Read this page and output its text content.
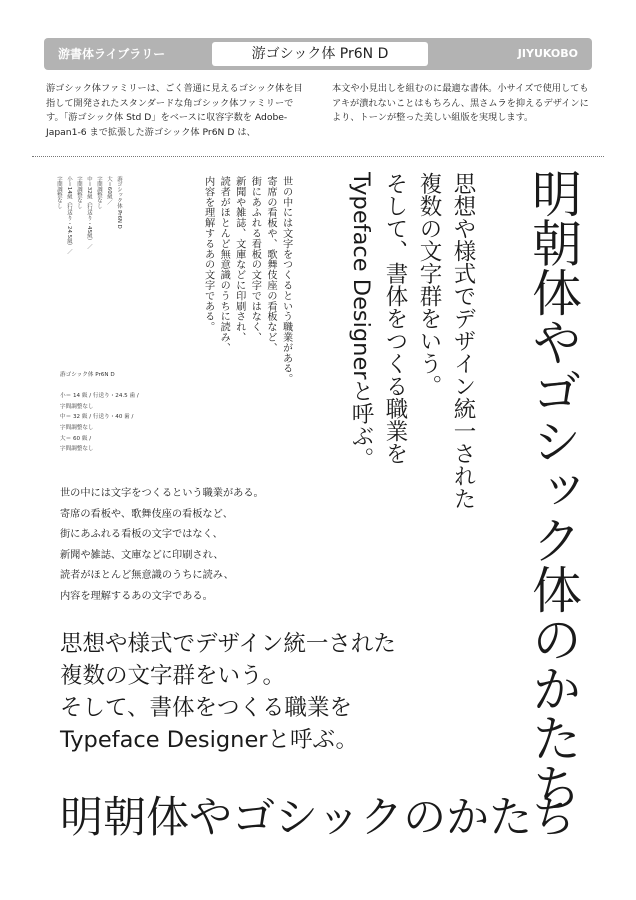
游書体ライブラリー	游ゴシック体 Pr6N D	JIYUKOBO
游ゴシック体ファミリーは、ごく普通に見えるゴシック体を目指して開発されたスタンダードな角ゴシック体ファミリーです。「游ゴシック体 Std D」をベースに収容字数を Adobe-Japan1-6 まで拡張した游ゴシック体 Pr6N D は、
本文や小見出しを組むのに最適な書体。小サイズで使用してもアキが潰れないことはもちろん、黒さムラを抑えるデザインにより、トーンが整った美しい組版を実現します。
游ゴシック体 Pr6N D
大＝60級／
字間調整なし
中＝32級（行送り・45級）／
字間調整なし
小＝14級（行送り・24.5級）／
字間調整なし	世の中には文字をつくるという職業がある。
寄席の看板や、歌舞伎座の看板など、
街にあふれる看板の文字ではなく、
新聞や雑誌、文庫などに印刷され、
読者がほとんど無意識のうちに読み、
内容を理解するあの文字である。	思想や様式でデザイン統一された
複数の文字群をいう。
そして、書体をつくる職業を
Typeface Designerと呼ぶ。	明朝体やゴシック体のかたち
游ゴシック体 Pr6N D

小＝ 14 級 / 行送り・24.5 歯 /
字間調整なし
中＝ 32 級 / 行送り・40 歯 /
字間調整なし
大＝ 60 級 /
字間調整なし
世の中には文字をつくるという職業がある。
寄席の看板や、歌舞伎座の看板など、
街にあふれる看板の文字ではなく、
新聞や雑誌、文庫などに印刷され、
読者がほとんど無意識のうちに読み、
内容を理解するあの文字である。
思想や様式でデザイン統一された
複数の文字群をいう。
そして、書体をつくる職業を
Typeface Designerと呼ぶ。
明朝体やゴシックのかたち
